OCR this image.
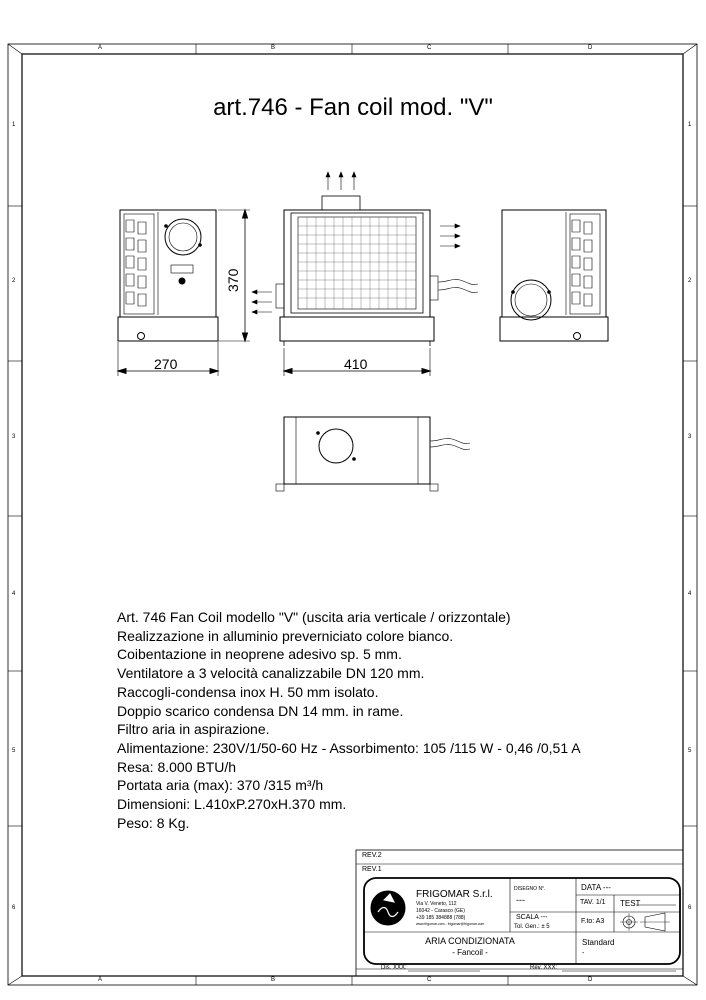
A	B	C	D
A	B	C	D
1
2
3
4
5
6
1
2
3
4
5
6
art.746 - Fan coil mod. "V"
270	410
370
Art. 746 Fan Coil modello "V" (uscita aria verticale / orizzontale)
Realizzazione in alluminio preverniciato colore bianco.
Coibentazione in neoprene adesivo sp. 5 mm.
Ventilatore a 3 velocità canalizzabile DN 120 mm.
Raccogli-condensa inox H. 50 mm isolato.
Doppio scarico condensa DN 14 mm. in rame.
Filtro aria in aspirazione.
Alimentazione: 230V/1/50-60 Hz - Assorbimento: 105 /115 W - 0,46 /0,51 A
Resa: 8.000 BTU/h
Portata aria (max): 370 /315 m³/h
Dimensioni: L.410xP.270xH.370 mm.
Peso: 8 Kg.
REV.2
REV.1
FRIGOMAR S.r.l.
Via V. Veneto, 112
16042 - Carasco (GE)
+39 185 384888 (788)
www.frigomar.com - frigomar@frigomar.com
DISEGNO N°.
---
SCALA ---
Tol. Gen.: ± 5
DATA ---
TAV. 1/1 TEST
F.to: A3
ARIA CONDIZIONATA
- Fancoil -
Standard
-
Dis. XXX:	Rev. XXX:
